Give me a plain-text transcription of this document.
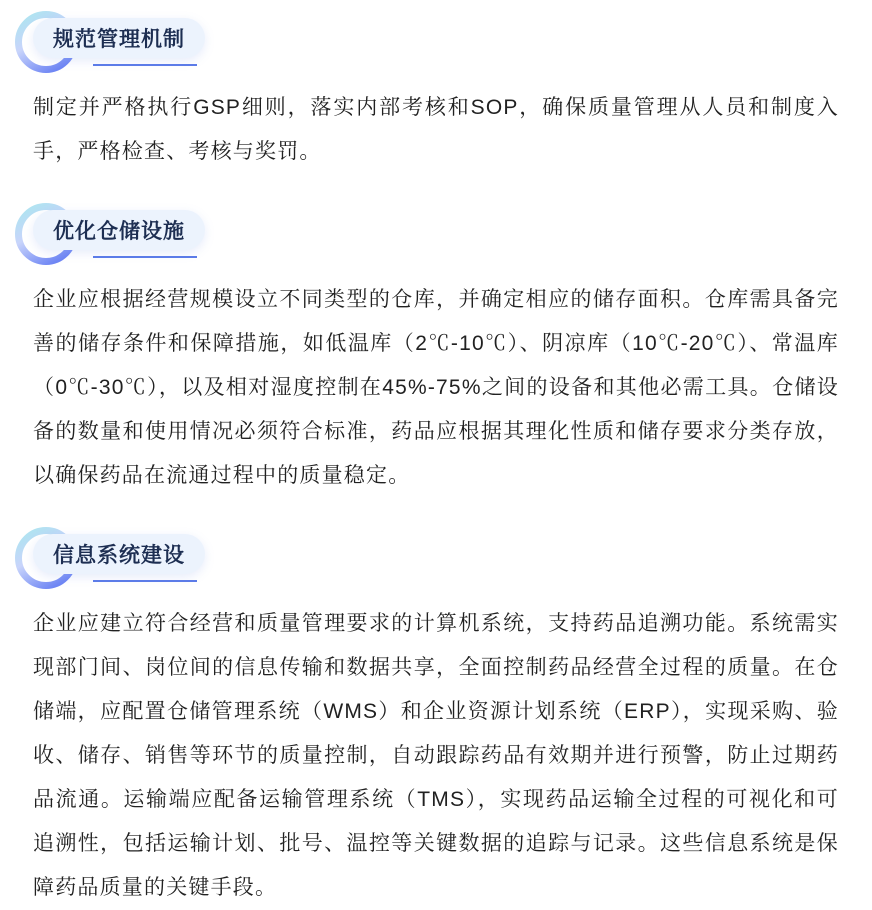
规范管理机制

制定并严格执行GSP细则，落实内部考核和SOP，确保质量管理从人员和制度入手，严格检查、考核与奖罚。

优化仓储设施

企业应根据经营规模设立不同类型的仓库，并确定相应的储存面积。仓库需具备完善的储存条件和保障措施，如低温库（2℃-10℃）、阴凉库（10℃-20℃）、常温库（0℃-30℃），以及相对湿度控制在45%-75%之间的设备和其他必需工具。仓储设备的数量和使用情况必须符合标准，药品应根据其理化性质和储存要求分类存放，以确保药品在流通过程中的质量稳定。

信息系统建设

企业应建立符合经营和质量管理要求的计算机系统，支持药品追溯功能。系统需实现部门间、岗位间的信息传输和数据共享，全面控制药品经营全过程的质量。在仓储端，应配置仓储管理系统（WMS）和企业资源计划系统（ERP），实现采购、验收、储存、销售等环节的质量控制，自动跟踪药品有效期并进行预警，防止过期药品流通。运输端应配备运输管理系统（TMS），实现药品运输全过程的可视化和可追溯性，包括运输计划、批号、温控等关键数据的追踪与记录。这些信息系统是保障药品质量的关键手段。
